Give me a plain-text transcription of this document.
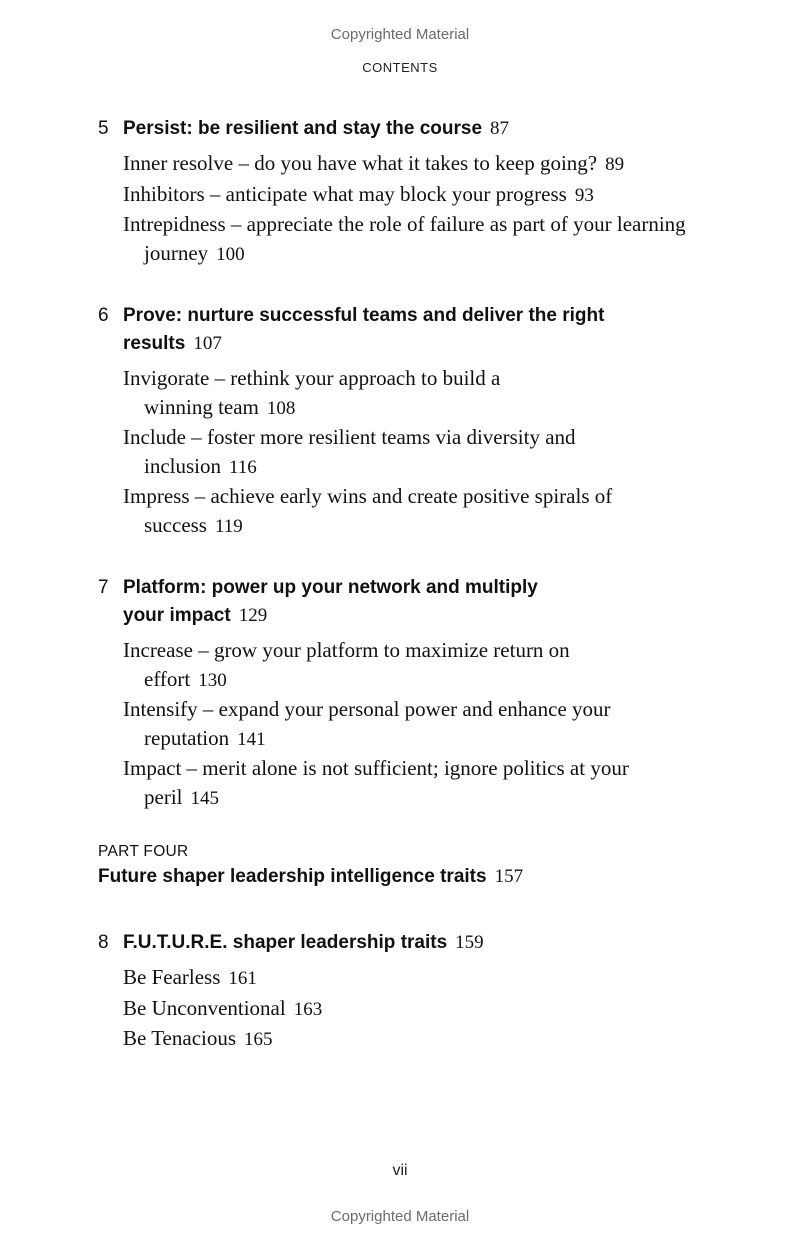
Copyrighted Material
CONTENTS
5 Persist: be resilient and stay the course 87
Inner resolve – do you have what it takes to keep going? 89
Inhibitors – anticipate what may block your progress 93
Intrepidness – appreciate the role of failure as part of your learning journey 100
6 Prove: nurture successful teams and deliver the right results 107
Invigorate – rethink your approach to build a winning team 108
Include – foster more resilient teams via diversity and inclusion 116
Impress – achieve early wins and create positive spirals of success 119
7 Platform: power up your network and multiply your impact 129
Increase – grow your platform to maximize return on effort 130
Intensify – expand your personal power and enhance your reputation 141
Impact – merit alone is not sufficient; ignore politics at your peril 145
PART FOUR
Future shaper leadership intelligence traits 157
8 F.U.T.U.R.E. shaper leadership traits 159
Be Fearless 161
Be Unconventional 163
Be Tenacious 165
vii
Copyrighted Material
